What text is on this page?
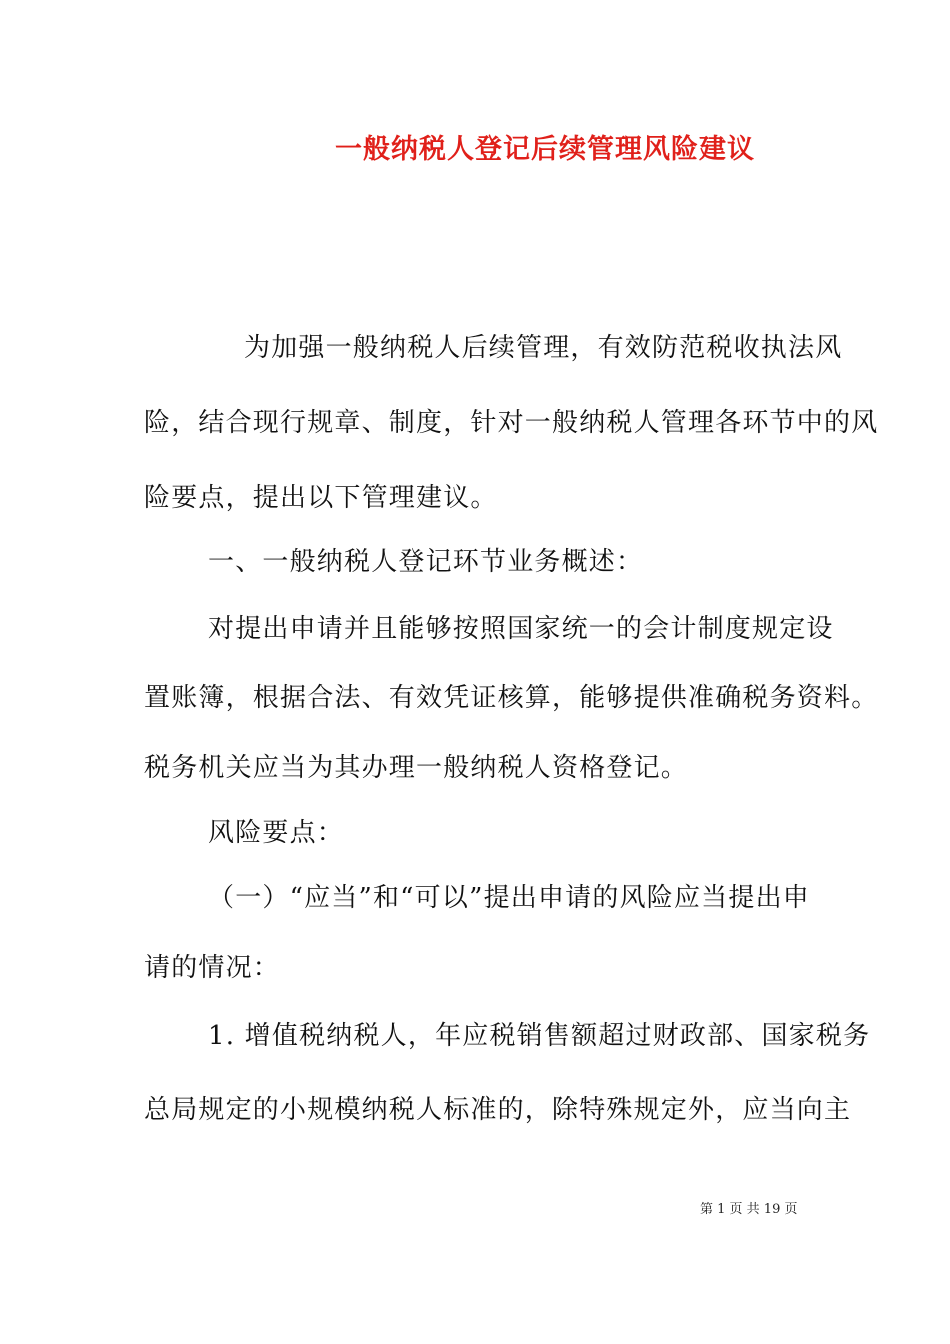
一般纳税人登记后续管理风险建议
为加强一般纳税人后续管理，有效防范税收执法风
险，结合现行规章、制度，针对一般纳税人管理各环节中的风
险要点，提出以下管理建议。
一、一般纳税人登记环节业务概述：
对提出申请并且能够按照国家统一的会计制度规定设
置账簿，根据合法、有效凭证核算，能够提供准确税务资料。
税务机关应当为其办理一般纳税人资格登记。
风险要点：
（一）“应当”和“可以”提出申请的风险应当提出申
请的情况：
1. 增值税纳税人，年应税销售额超过财政部、国家税务
总局规定的小规模纳税人标准的，除特殊规定外，应当向主
第 1 页 共 19 页
